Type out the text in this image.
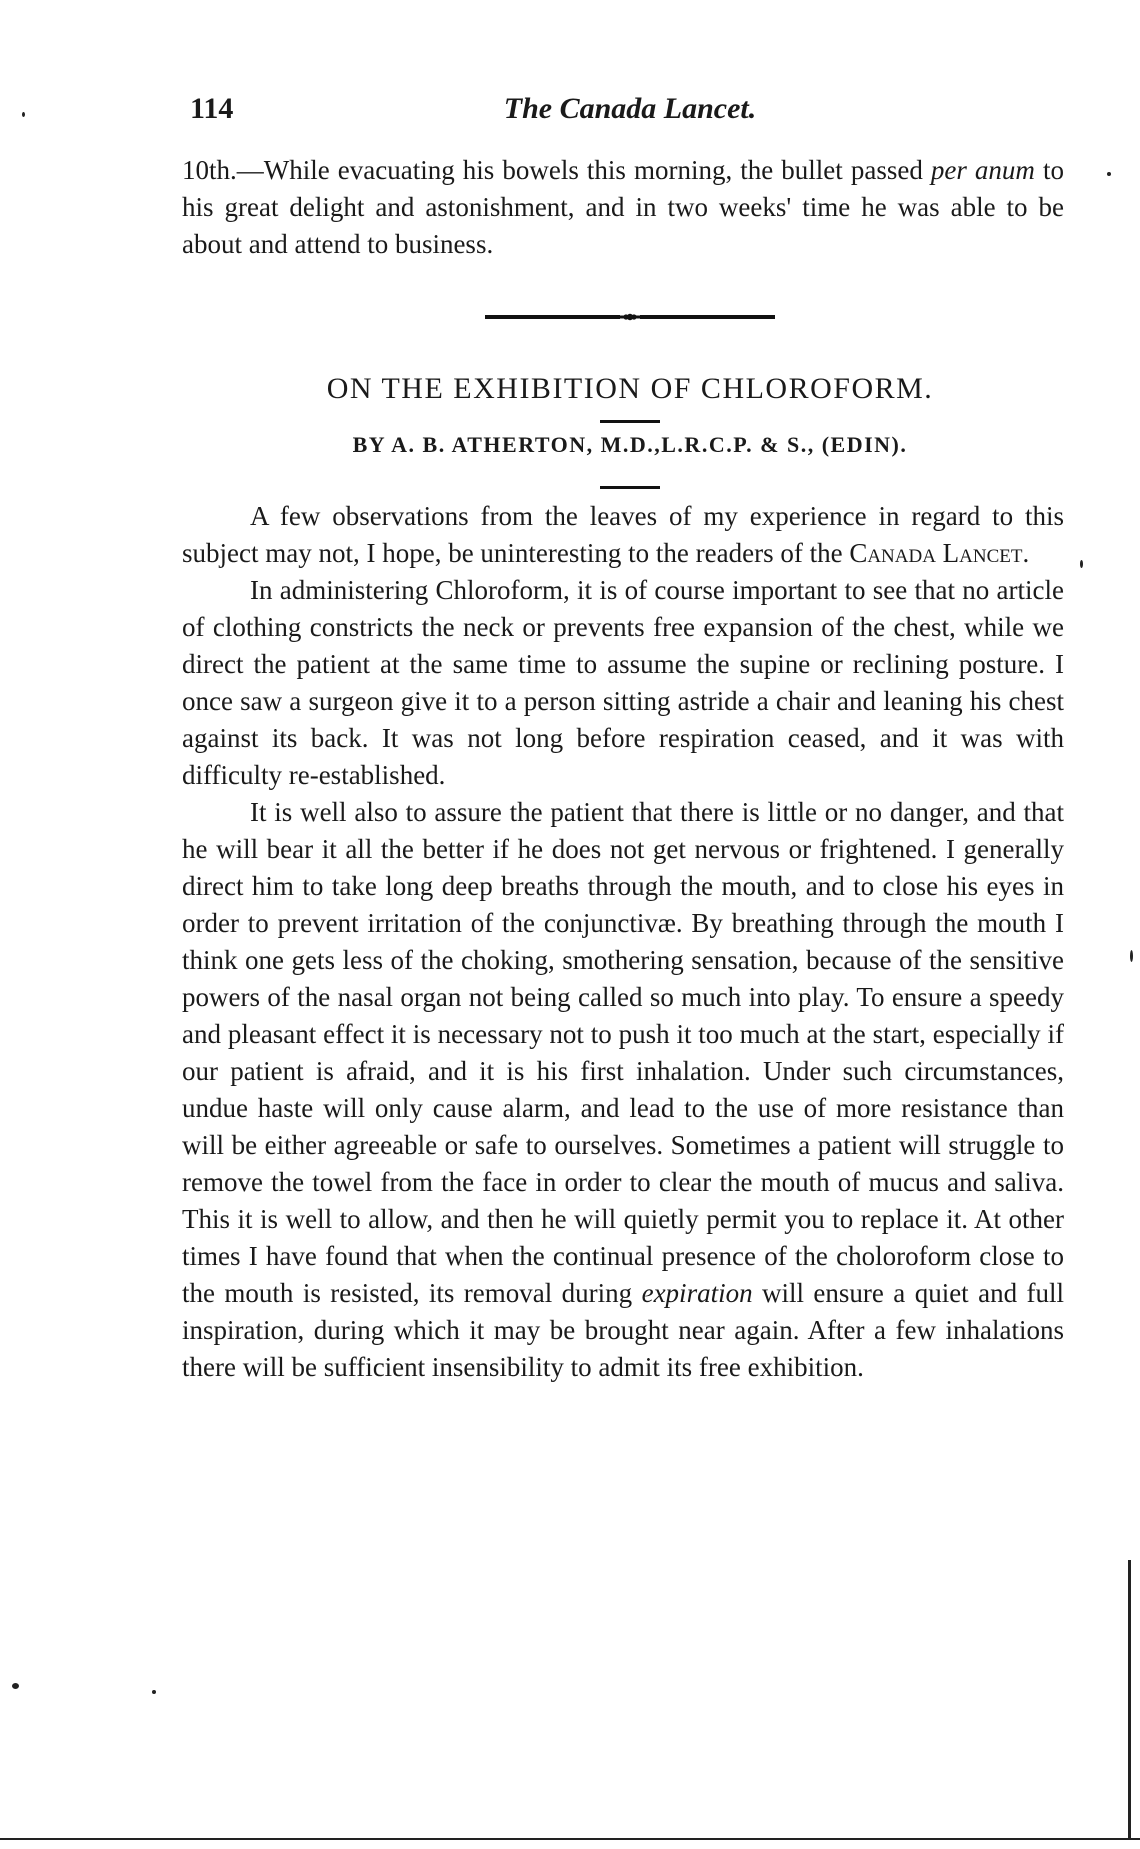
114	The Canada Lancet.

10th.—While evacuating his bowels this morning, the bullet passed per anum to his great delight and astonishment, and in two weeks' time he was able to be about and attend to business.

ON THE EXHIBITION OF CHLOROFORM.
BY A. B. ATHERTON, M.D.,L.R.C.P. & S., (EDIN).

A few observations from the leaves of my experience in regard to this subject may not, I hope, be uninteresting to the readers of the Canada Lancet.

In administering Chloroform, it is of course important to see that no article of clothing constricts the neck or prevents free expansion of the chest, while we direct the patient at the same time to assume the supine or reclining posture. I once saw a surgeon give it to a person sitting astride a chair and leaning his chest against its back. It was not long before respiration ceased, and it was with difficulty re-established.

It is well also to assure the patient that there is little or no danger, and that he will bear it all the better if he does not get nervous or frightened. I generally direct him to take long deep breaths through the mouth, and to close his eyes in order to prevent irritation of the conjunctivæ. By breathing through the mouth I think one gets less of the choking, smothering sensation, because of the sensitive powers of the nasal organ not being called so much into play. To ensure a speedy and pleasant effect it is necessary not to push it too much at the start, especially if our patient is afraid, and it is his first inhalation. Under such circumstances, undue haste will only cause alarm, and lead to the use of more resistance than will be either agreeable or safe to ourselves. Sometimes a patient will struggle to remove the towel from the face in order to clear the mouth of mucus and saliva. This it is well to allow, and then he will quietly permit you to replace it. At other times I have found that when the continual presence of the choloroform close to the mouth is resisted, its removal during expiration will ensure a quiet and full inspiration, during which it may be brought near again. After a few inhalations there will be sufficient insensibility to admit its free exhibition.
